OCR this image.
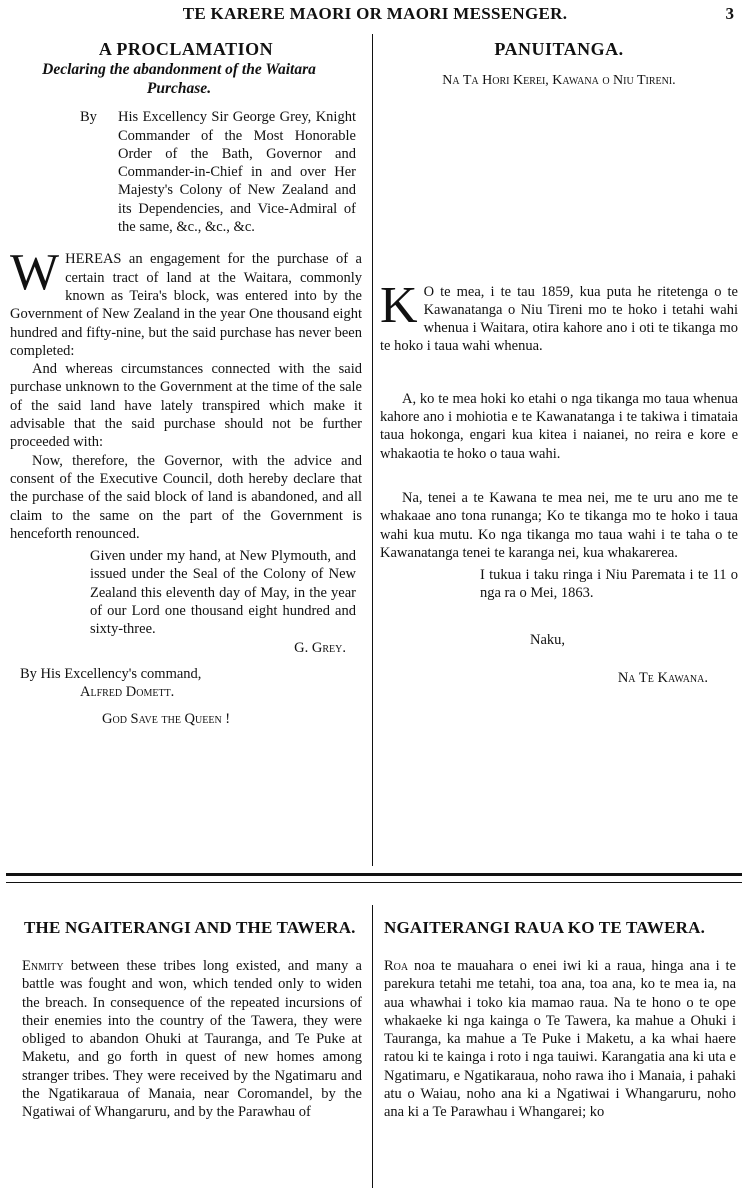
TE KARERE MAORI OR MAORI MESSENGER.	3
A PROCLAMATION
Declaring the abandonment of the Waitara Purchase.
By His Excellency Sir George Grey, Knight Commander of the Most Honorable Order of the Bath, Governor and Commander-in-Chief in and over Her Majesty's Colony of New Zealand and its Dependencies, and Vice-Admiral of the same, &c., &c., &c.

WHEREAS an engagement for the purchase of a certain tract of land at the Waitara, commonly known as Teira's block, was entered into by the Government of New Zealand in the year One thousand eight hundred and fifty-nine, but the said purchase has never been completed:

And whereas circumstances connected with the said purchase unknown to the Government at the time of the sale of the said land have lately transpired which make it advisable that the said purchase should not be further proceeded with:

Now, therefore, the Governor, with the advice and consent of the Executive Council, doth hereby declare that the purchase of the said block of land is abandoned, and all claim to the same on the part of the Government is henceforth renounced.

Given under my hand, at New Plymouth, and issued under the Seal of the Colony of New Zealand this eleventh day of May, in the year of our Lord one thousand eight hundred and sixty-three.
G. Grey.
By His Excellency's command,
Alfred Domett.
God Save the Queen !
PANUITANGA.
Na Ta Hori Kerei, Kawana o Niu Tireni.

K O te mea, i te tau 1859, kua puta he ritetenga o te Kawanatanga o Niu Tireni mo te hoko i tetahi wahi whenua i Waitara, otira kahore ano i oti te tikanga mo te hoko i taua wahi whenua.

A, ko te mea hoki ko etahi o nga tikanga mo taua whenua kahore ano i mohiotia e te Kawanatanga i te takiwa i timataia taua hokonga, engari kua kitea i naianei, no reira e kore e whakaotia te hoko o taua wahi.

Na, tenei a te Kawana te mea nei, me te uru ano me te whakaae ano tona runanga; Ko te tikanga mo te hoko i taua wahi kua mutu. Ko nga tikanga mo taua wahi i te taha o te Kawanatanga tenei te karanga nei, kua whakarerea.

I tukua i taku ringa i Niu Paremata i te 11 o nga ra o Mei, 1863.
Naku,
Na Te Kawana.
THE NGAITERANGI AND THE TAWERA. NGAITERANGI RAUA KO TE TAWERA.

Enmity between these tribes long existed, and many a battle was fought and won, which tended only to widen the breach. In consequence of the repeated incursions of their enemies into the country of the Tawera, they were obliged to abandon Ohuki at Tauranga, and Te Puke at Maketu, and go forth in quest of new homes among stranger tribes. They were received by the Ngatimaru and the Ngatikaraua of Manaia, near Coromandel, by the Ngatiwai of Whangaruru, and by the Parawhau of

Roa noa te mauahara o enei iwi ki a raua, hinga ana i te parekura tetahi me tetahi, toa ana, toa ana, ko te mea ia, na aua whawhai i toko kia mamao raua. Na te hono o te ope whakaeke ki nga kainga o Te Tawera, ka mahue a Ohuki i Tauranga, ka mahue a Te Puke i Maketu, a ka whai haere ratou ki te kainga i roto i nga tauiwi. Karangatia ana ki uta e Ngatimaru, e Ngatikaraua, noho rawa iho i Manaia, i pahaki atu o Waiau, noho ana ki a Ngatiwai i Whangaruru, noho ana ki a Te Parawhau i Whangarei; ko
